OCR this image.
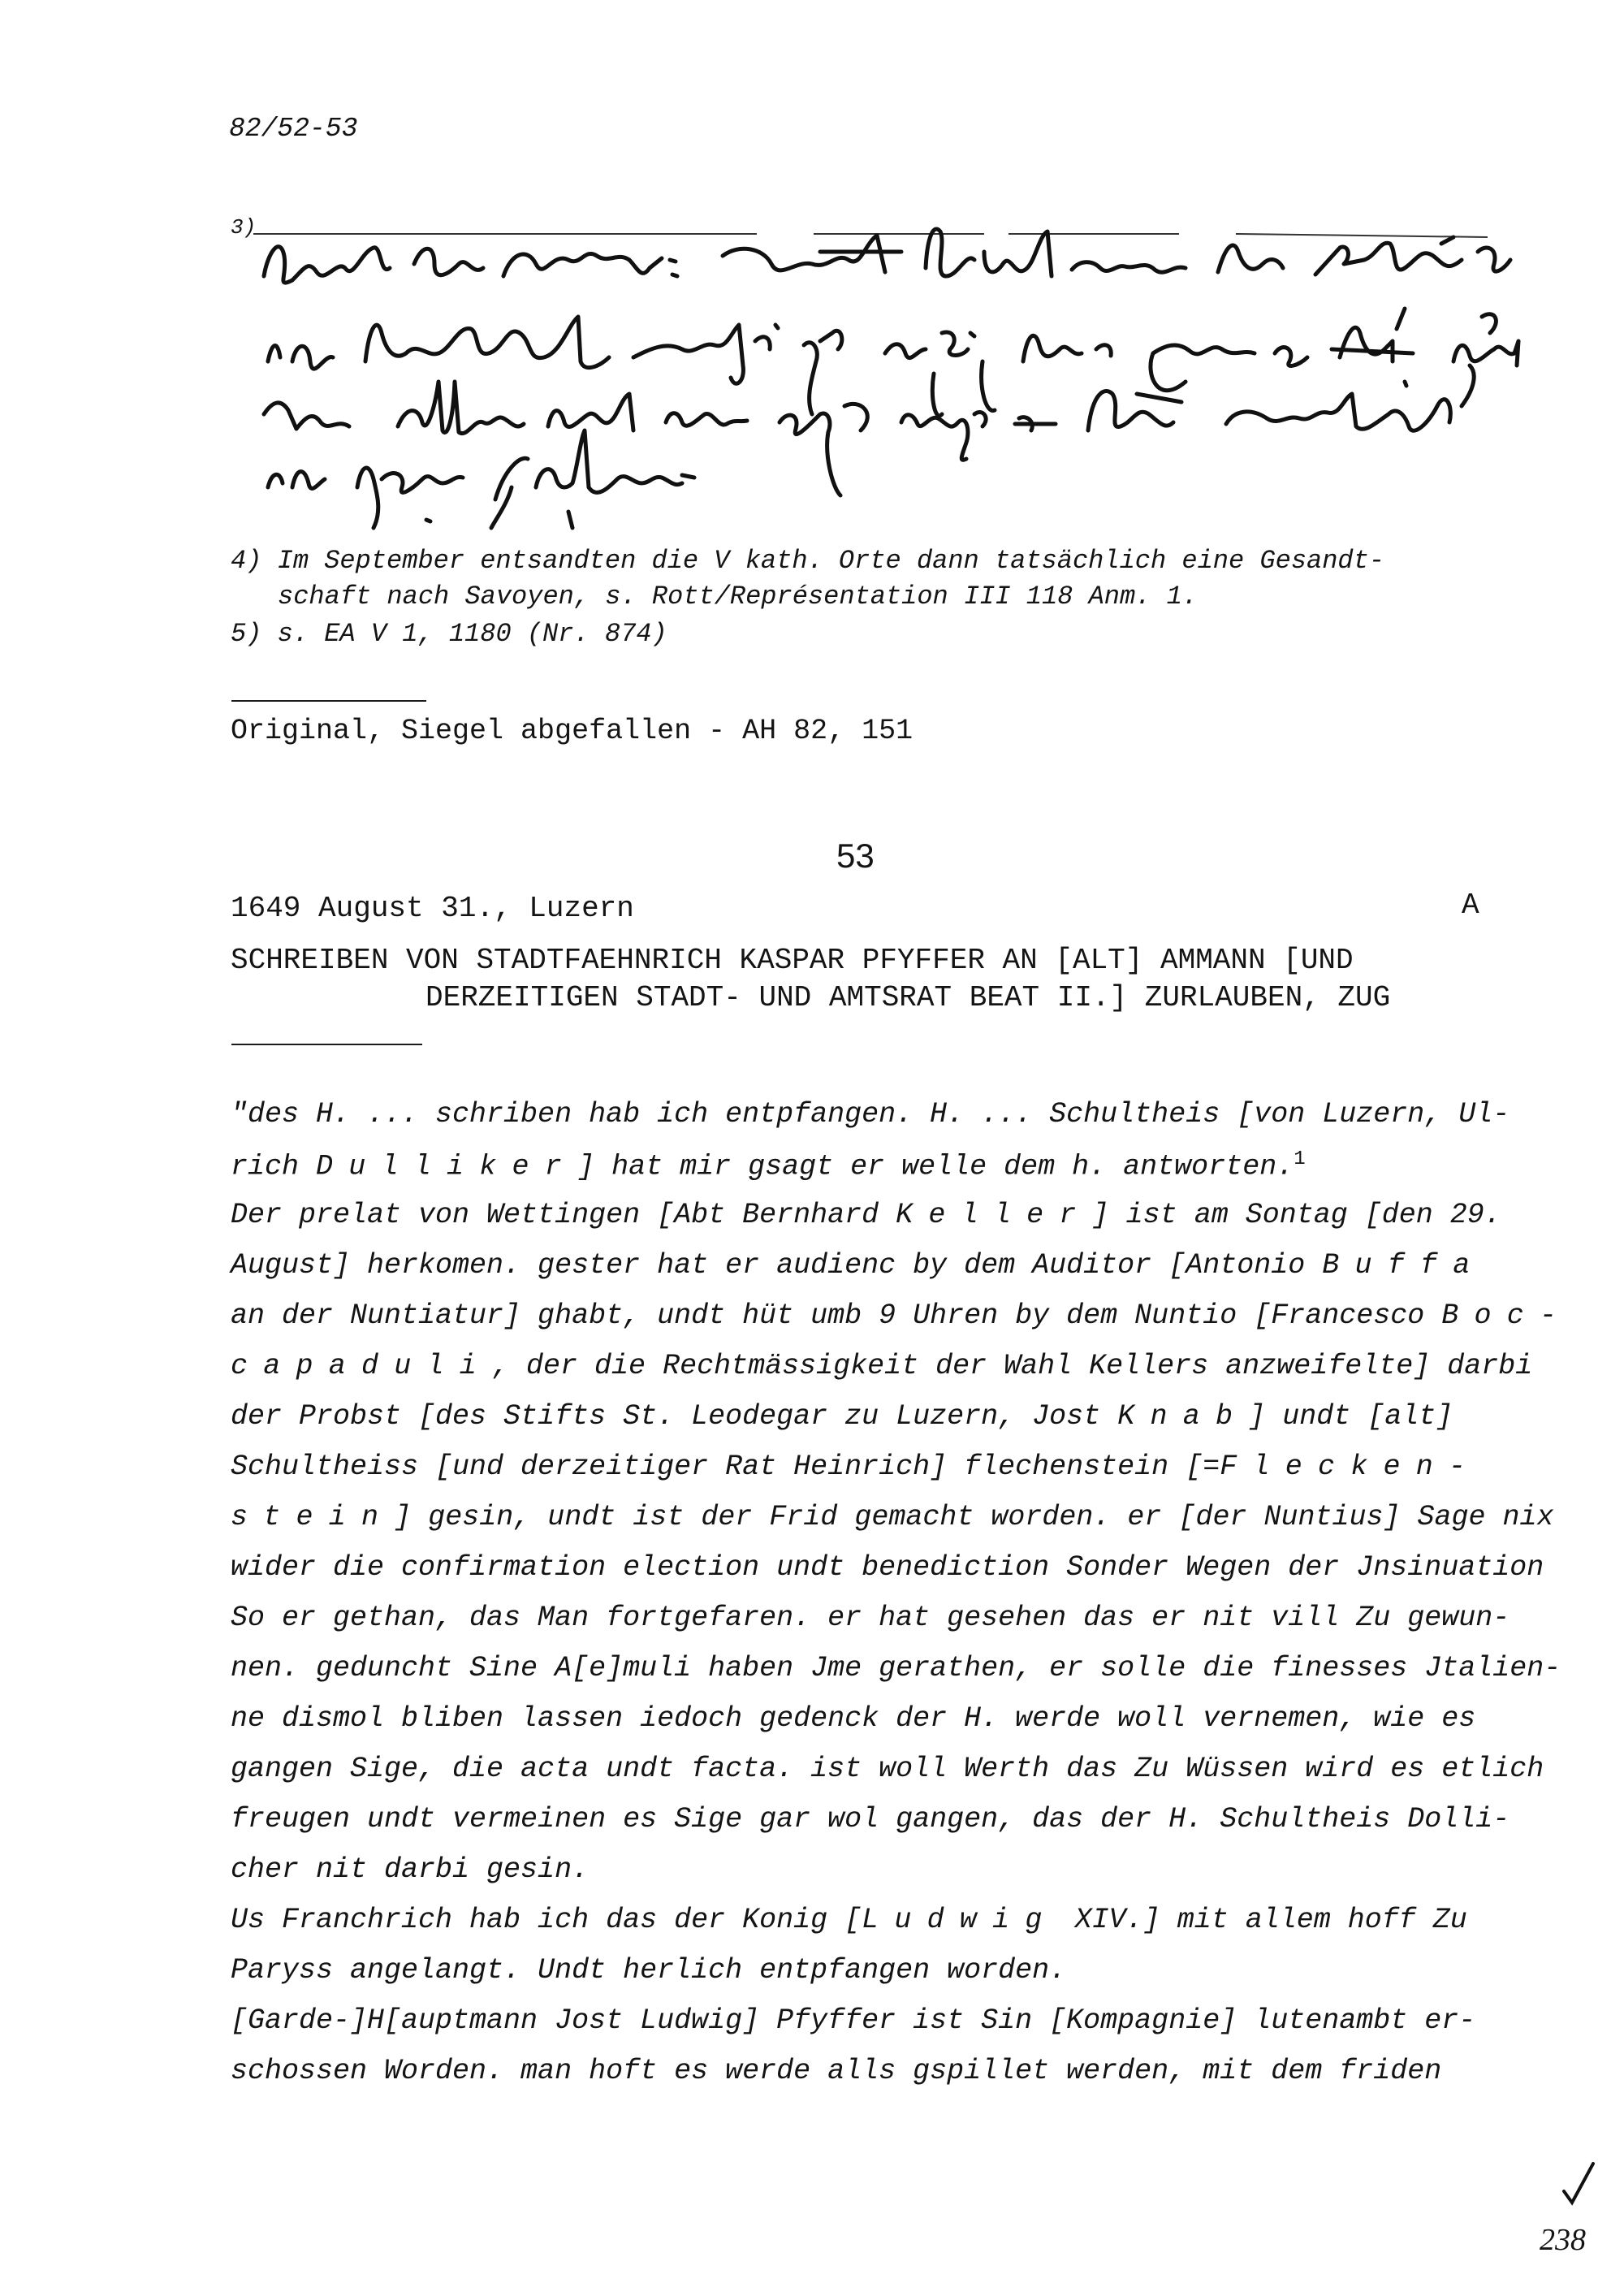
82/52-53
3)
4) Im September entsandten die V kath. Orte dann tatsächlich eine Gesandt-
schaft nach Savoyen, s. Rott/Représentation III 118 Anm. 1.
5) s. EA V 1, 1180 (Nr. 874)
Original, Siegel abgefallen - AH 82, 151
53
1649 August 31., Luzern	A
SCHREIBEN VON STADTFAEHNRICH KASPAR PFYFFER AN [ALT] AMMANN [UND
DERZEITIGEN STADT- UND AMTSRAT BEAT II.] ZURLAUBEN, ZUG
"des H. ... schriben hab ich entpfangen. H. ... Schultheis [von Luzern, Ul-
rich Dulliker] hat mir gsagt er welle dem h. antworten.$^1$
Der prelat von Wettingen [Abt Bernhard Keller] ist am Sontag [den 29.
August] herkomen. gester hat er audienc by dem Auditor [Antonio Buffa
an der Nuntiatur] ghabt, undt hüt umb 9 Uhren by dem Nuntio [Francesco Boc-
capaduli, der die Rechtmässigkeit der Wahl Kellers anzweifelte] darbi
der Probst [des Stifts St. Leodegar zu Luzern, Jost Knab] undt [alt]
Schultheiss [und derzeitiger Rat Heinrich] flechenstein [=Flecken-
stein] gesin, undt ist der Frid gemacht worden. er [der Nuntius] Sage nix
wider die confirmation election undt benediction Sonder Wegen der Jnsinuation
So er gethan, das Man fortgefaren. er hat gesehen das er nit vill Zu gewun-
nen. geduncht Sine A[e]muli haben Jme gerathen, er solle die finesses Jtalien-
ne dismol bliben lassen iedoch gedenck der H. werde woll vernemen, wie es
gangen Sige, die acta undt facta. ist woll Werth das Zu Wüssen wird es etlich
freugen undt vermeinen es Sige gar wol gangen, das der H. Schultheis Dolli-
cher nit darbi gesin.
Us Franchrich hab ich das der Konig [Ludwig XIV.] mit allem hoff Zu
Paryss angelangt. Undt herlich entpfangen worden.
[Garde-]H[auptmann Jost Ludwig] Pfyffer ist Sin [Kompagnie] lutenambt er-
schossen Worden. man hoft es werde alls gspillet werden, mit dem friden
238
